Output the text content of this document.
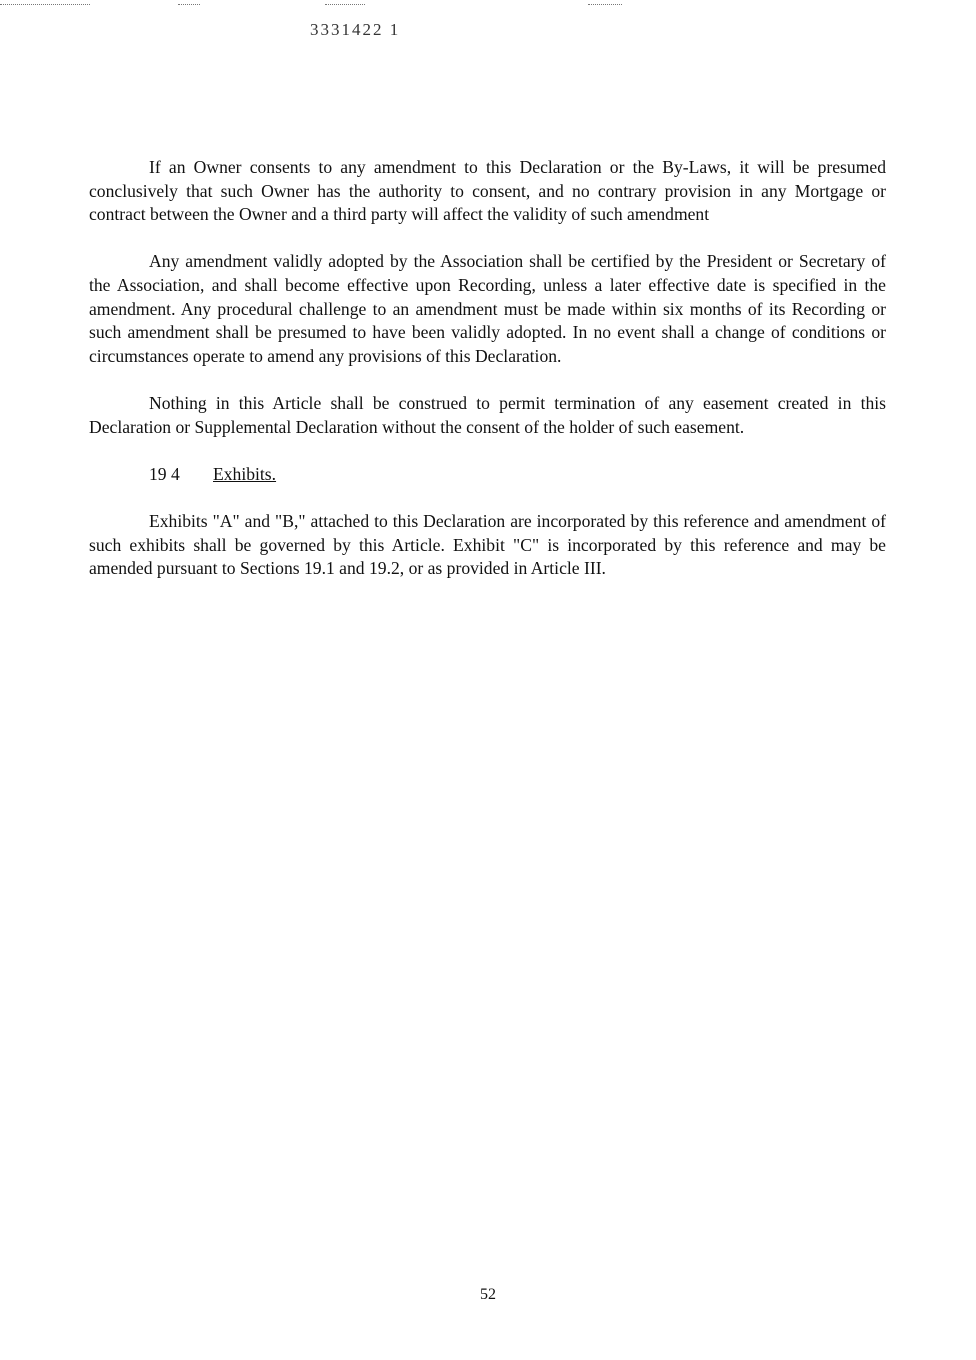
3331422 1

If an Owner consents to any amendment to this Declaration or the By-Laws, it will be presumed conclusively that such Owner has the authority to consent, and no contrary provision in any Mortgage or contract between the Owner and a third party will affect the validity of such amendment

Any amendment validly adopted by the Association shall be certified by the President or Secretary of the Association, and shall become effective upon Recording, unless a later effective date is specified in the amendment. Any procedural challenge to an amendment must be made within six months of its Recording or such amendment shall be presumed to have been validly adopted. In no event shall a change of conditions or circumstances operate to amend any provisions of this Declaration.

Nothing in this Article shall be construed to permit termination of any easement created in this Declaration or Supplemental Declaration without the consent of the holder of such easement.

19 4 Exhibits.

Exhibits "A" and "B," attached to this Declaration are incorporated by this reference and amendment of such exhibits shall be governed by this Article. Exhibit "C" is incorporated by this reference and may be amended pursuant to Sections 19.1 and 19.2, or as provided in Article III.

52
